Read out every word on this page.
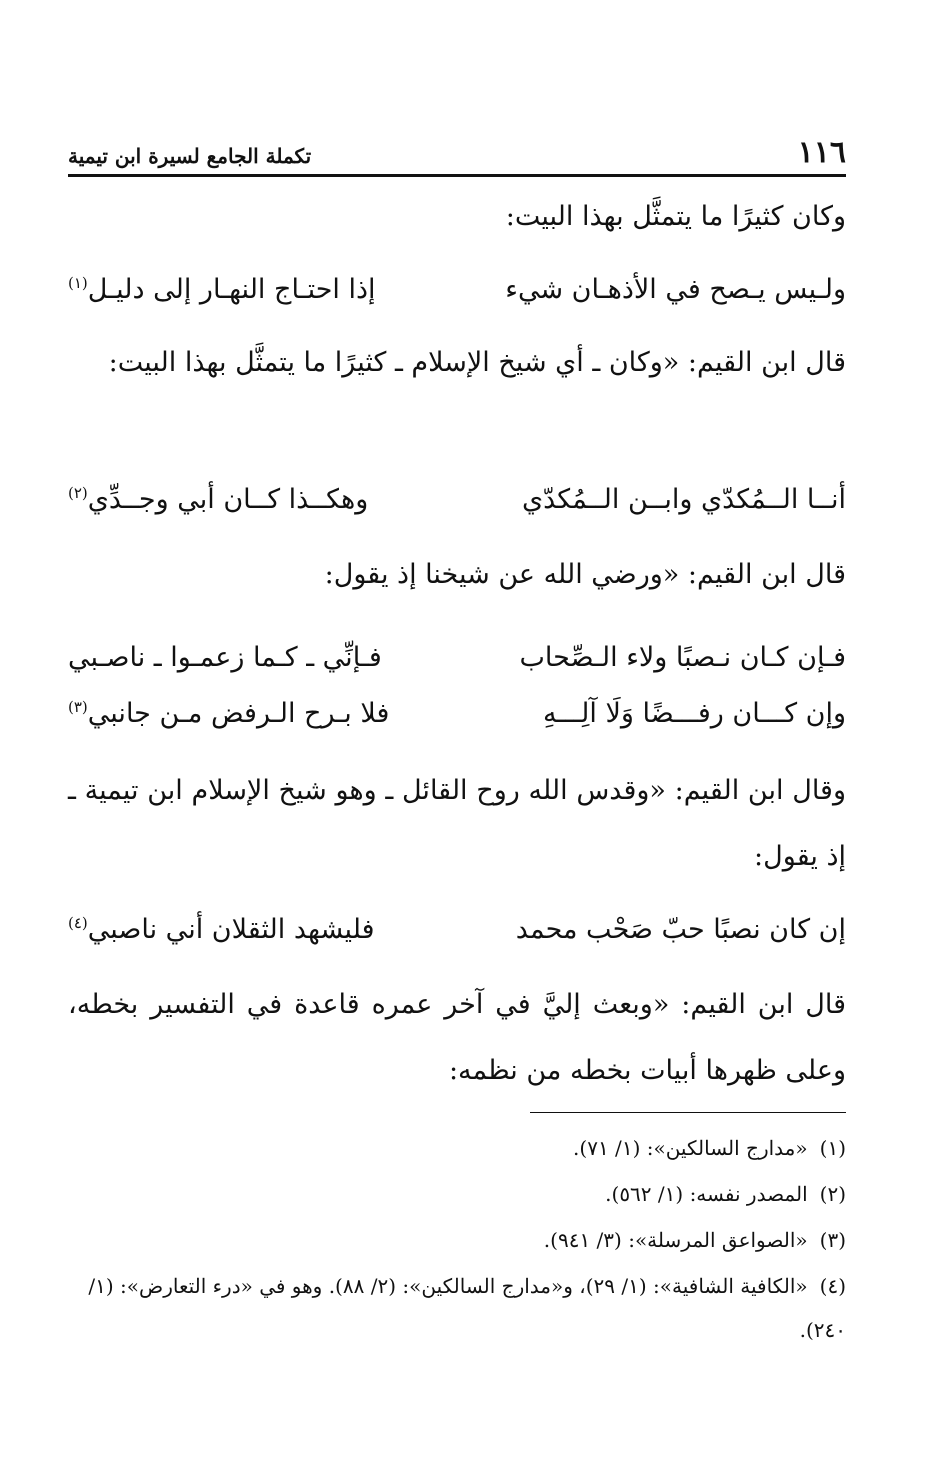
تكملة الجامع لسيرة ابن تيمية	١١٦
وكان كثيرًا ما يتمثَّل بهذا البيت:
ولـيس يـصح في الأذهـان شيء
إذا احتـاج النهـار إلى دليـل$^{(١)}$
قال ابن القيم: «وكان ـ أي شيخ الإسلام ـ كثيرًا ما يتمثَّل بهذا البيت:
أنــا الــمُكدّي وابــن الــمُكدّي
وهكــذا كــان أبي وجــدِّي$^{(٢)}$
قال ابن القيم: «ورضي الله عن شيخنا إذ يقول:
فـإن كـان نـصبًا ولاء الـصِّحاب
فـإنِّي ـ كـما زعمـوا ـ ناصـبي
وإن كـــان رفـــضًا وَلَا آلِـــهِ
فلا بـرح الـرفض مـن جانبي$^{(٣)}$
وقال ابن القيم: «وقدس الله روح القائل ـ وهو شيخ الإسلام ابن تيمية ـ إذ يقول:
إن كان نصبًا حبّ صَحْب محمد
فليشهد الثقلان أني ناصبي$^{(٤)}$
قال ابن القيم: «وبعث إليَّ في آخر عمره قاعدة في التفسير بخطه، وعلى ظهرها أبيات بخطه من نظمه:
(١)«مدارج السالكين»: (١/ ٧١).
(٢)المصدر نفسه: (١/ ٥٦٢).
(٣)«الصواعق المرسلة»: (٣/ ٩٤١).
(٤)«الكافية الشافية»: (١/ ٢٩)، و«مدارج السالكين»: (٢/ ٨٨). وهو في «درء التعارض»: (١/ ٢٤٠).
